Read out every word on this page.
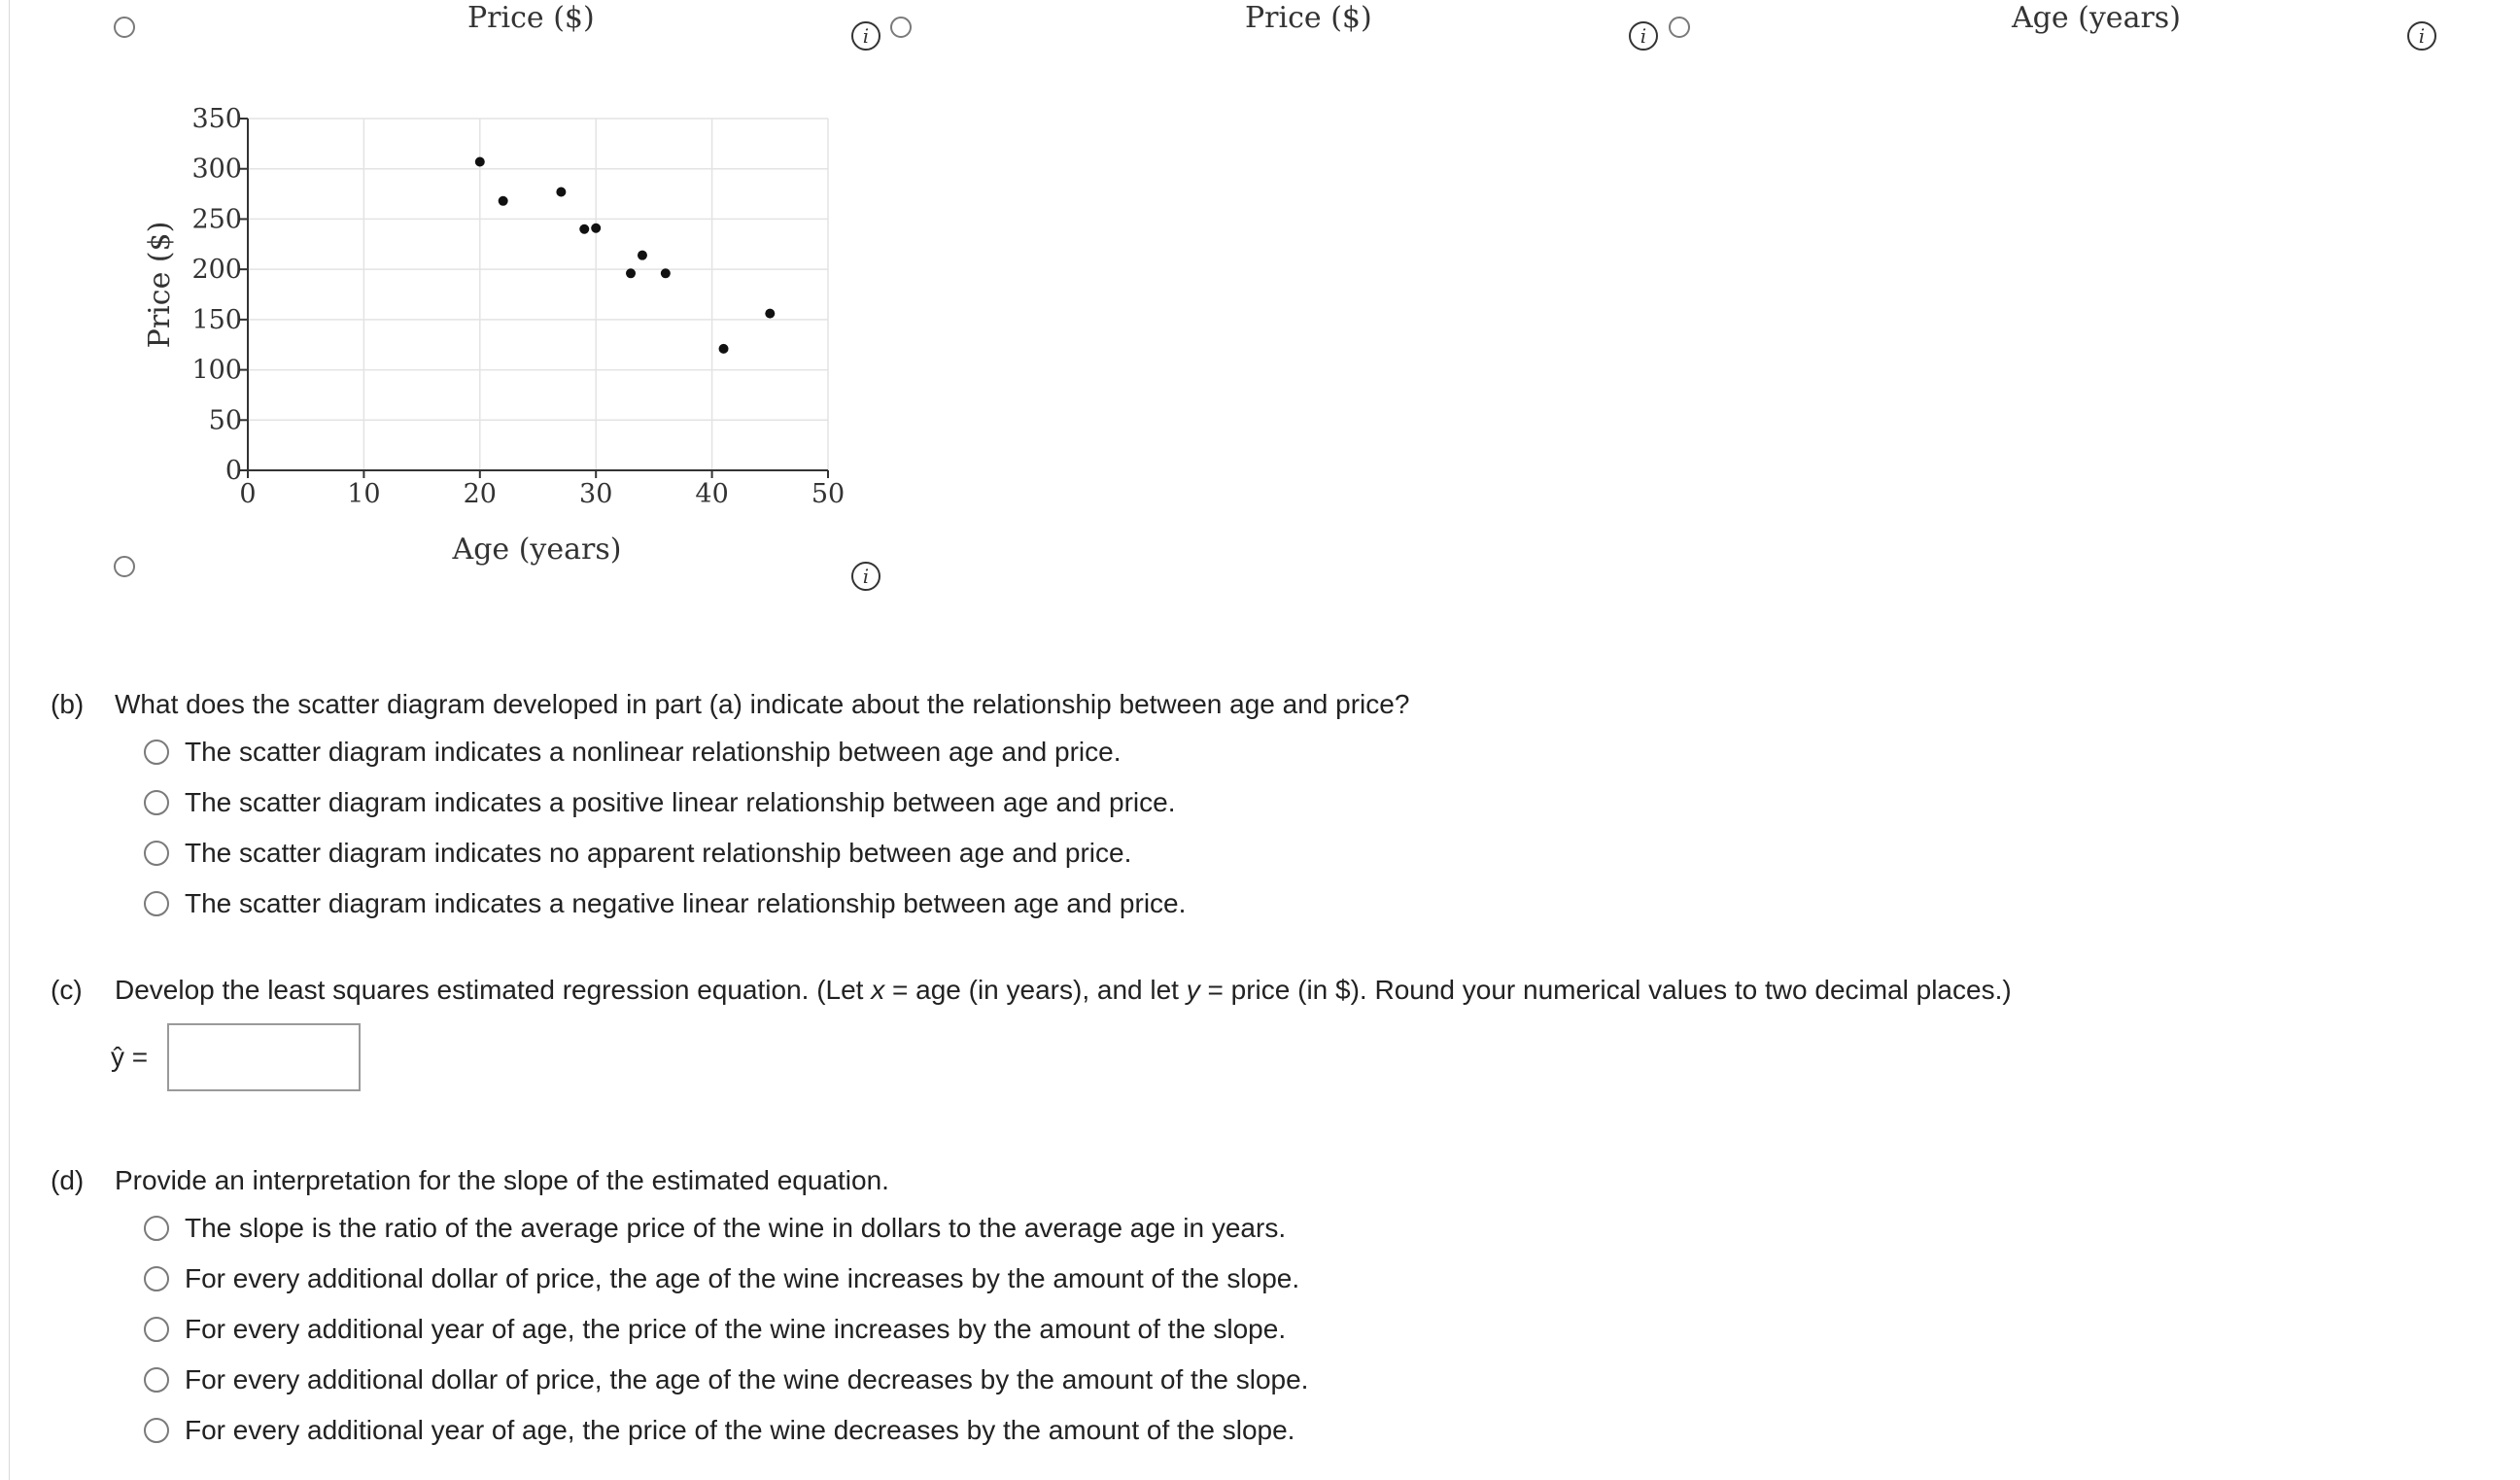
Price ($)
i
Price ($)
i
Age (years)
i
i
0
50
100
150
200
250
300
350
0	10	20	30	40	50
Age (years)
Price ($)
(b) What does the scatter diagram developed in part (a) indicate about the relationship between age and price?
The scatter diagram indicates a nonlinear relationship between age and price.
The scatter diagram indicates a positive linear relationship between age and price.
The scatter diagram indicates no apparent relationship between age and price.
The scatter diagram indicates a negative linear relationship between age and price.
(c) Develop the least squares estimated regression equation. (Let x = age (in years), and let y = price (in $). Round your numerical values to two decimal places.)
ŷ =
(d) Provide an interpretation for the slope of the estimated equation.
The slope is the ratio of the average price of the wine in dollars to the average age in years.
For every additional dollar of price, the age of the wine increases by the amount of the slope.
For every additional year of age, the price of the wine increases by the amount of the slope.
For every additional dollar of price, the age of the wine decreases by the amount of the slope.
For every additional year of age, the price of the wine decreases by the amount of the slope.
